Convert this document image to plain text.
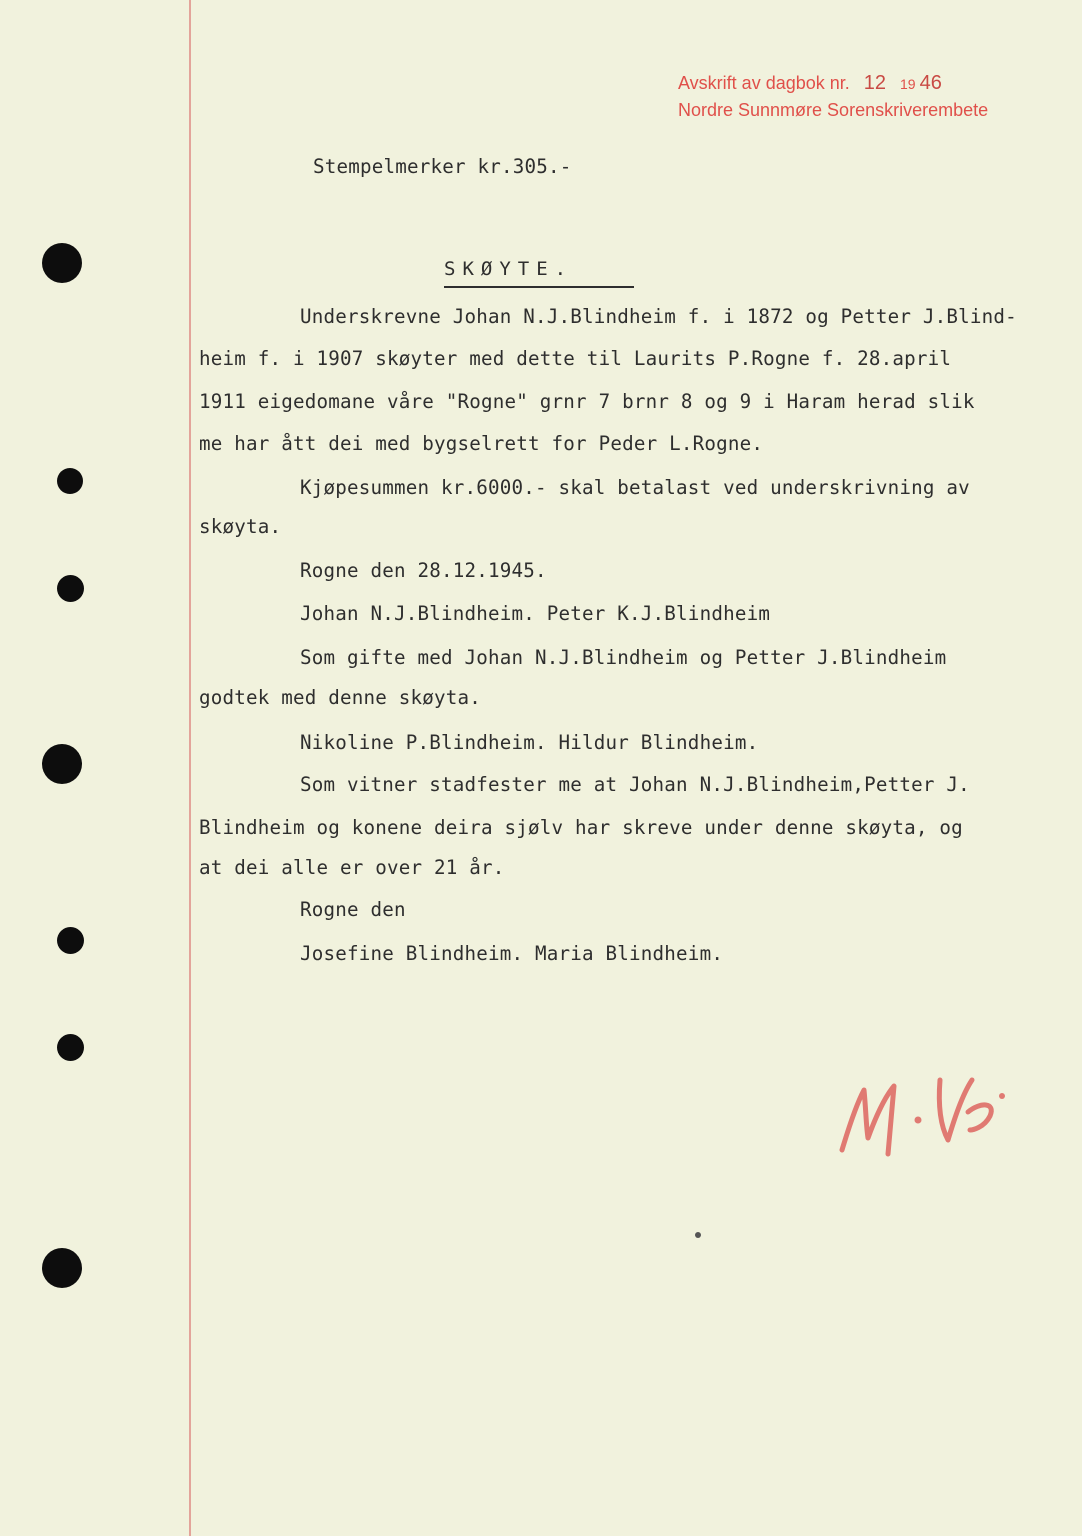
Avskrift av dagbok nr. 12 19 46
Nordre Sunnmøre Sorenskriverembete
Stempelmerker kr.305.-
SKØYTE.
Underskrevne Johan N.J.Blindheim f. i 1872 og Petter J.Blind-
heim f. i 1907 skøyter med dette til Laurits P.Rogne f. 28.april
1911 eigedomane våre "Rogne" grnr 7 brnr 8 og 9 i Haram herad slik
me har ått dei med bygselrett for Peder L.Rogne.
Kjøpesummen kr.6000.- skal betalast ved underskrivning av
skøyta.
Rogne den 28.12.1945.
Johan N.J.Blindheim. Peter K.J.Blindheim
Som gifte med Johan N.J.Blindheim og Petter J.Blindheim
godtek med denne skøyta.
Nikoline P.Blindheim. Hildur Blindheim.
Som vitner stadfester me at Johan N.J.Blindheim,Petter J.
Blindheim og konene deira sjølv har skreve under denne skøyta, og
at dei alle er over 21 år.
Rogne den
Josefine Blindheim. Maria Blindheim.
